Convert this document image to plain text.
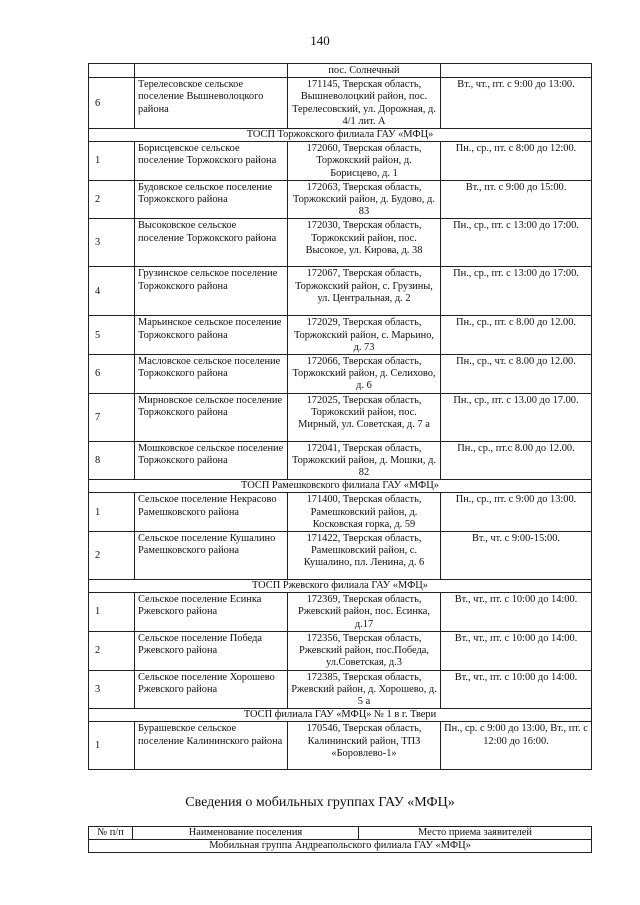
140
		пос. Солнечный	
6	Терелесовское сельское поселение Вышневолоцкого района	171145, Тверская область, Вышневолоцкий район, пос. Терелесовский, ул. Дорожная, д. 4/1 лит. А	Вт., чт., пт. с 9:00 до 13:00.
ТОСП Торжокского филиала ГАУ «МФЦ»			
1	Борисцевское сельское поселение Торжокского района	172060, Тверская область, Торжокский район, д. Борисцево, д. 1	Пн., ср., пт. с 8:00 до 12:00.
2	Будовское сельское поселение Торжокского района	172063, Тверская область, Торжокский район, д. Будово, д. 83	Вт., пт. с 9:00 до 15:00.
3	Высоковское сельское поселение Торжокского района	172030, Тверская область, Торжокский район, пос. Высокое, ул. Кирова, д. 38	Пн., ср., пт. с 13:00 до 17:00.
4	Грузинское сельское поселение Торжокского района	172067, Тверская область, Торжокский район, с. Грузины, ул. Центральная, д. 2	Пн., ср., пт. с 13:00 до 17:00.
5	Марьинское сельское поселение Торжокского района	172029, Тверская область, Торжокский район, с. Марьино, д. 73	Пн., ср., пт. с 8.00 до 12.00.
6	Масловское сельское поселение Торжокского района	172066, Тверская область, Торжокский район, д. Селихово, д. 6	Пн., ср., чт. с 8.00 до 12.00.
7	Мирновское сельское поселение Торжокского района	172025, Тверская область, Торжокский район, пос. Мирный, ул. Советская, д. 7 а	Пн., ср., пт. с 13.00 до 17.00.
8	Мошковское сельское поселение Торжокского района	172041, Тверская область, Торжокский район, д. Мошки, д. 82	Пн., ср., пт.с 8.00 до 12.00.
ТОСП Рамешковского филиала ГАУ «МФЦ»			
1	Сельское поселение Некрасово Рамешковского района	171400, Тверская область, Рамешковский район, д. Косковская горка, д. 59	Пн., ср., пт. с 9:00 до 13:00.
2	Сельское поселение Кушалино Рамешковского района	171422, Тверская область, Рамешковский район, с. Кушалино, пл. Ленина, д. 6	Вт., чт. с 9:00-15:00.
ТОСП Ржевского филиала ГАУ «МФЦ»			
1	Сельское поселение Есинка Ржевского района	172369, Тверская область, Ржевский район, пос. Есинка, д.17	Вт., чт., пт. с 10:00 до 14:00.
2	Сельское поселение Победа Ржевского района	172356, Тверская область, Ржевский район, пос.Победа, ул.Советская, д.3	Вт., чт., пт. с 10:00 до 14:00.
3	Сельское поселение Хорошево Ржевского района	172385, Тверская область, Ржевский район, д. Хорошево, д. 5 а	Вт., чт., пт. с 10:00 до 14:00.
ТОСП филиала ГАУ «МФЦ» № 1 в г. Твери			
1	Бурашевское сельское поселение Калининского района	170546, Тверская область, Калининский район, ТПЗ «Боровлево-1»	Пн., ср. с 9:00 до 13:00, Вт., пт. с 12:00 до 16:00.
Сведения о мобильных группах ГАУ «МФЦ»
№ п/п	Наименование поселения	Место приема заявителей
Мобильная группа Андреапольского филиала ГАУ «МФЦ»
